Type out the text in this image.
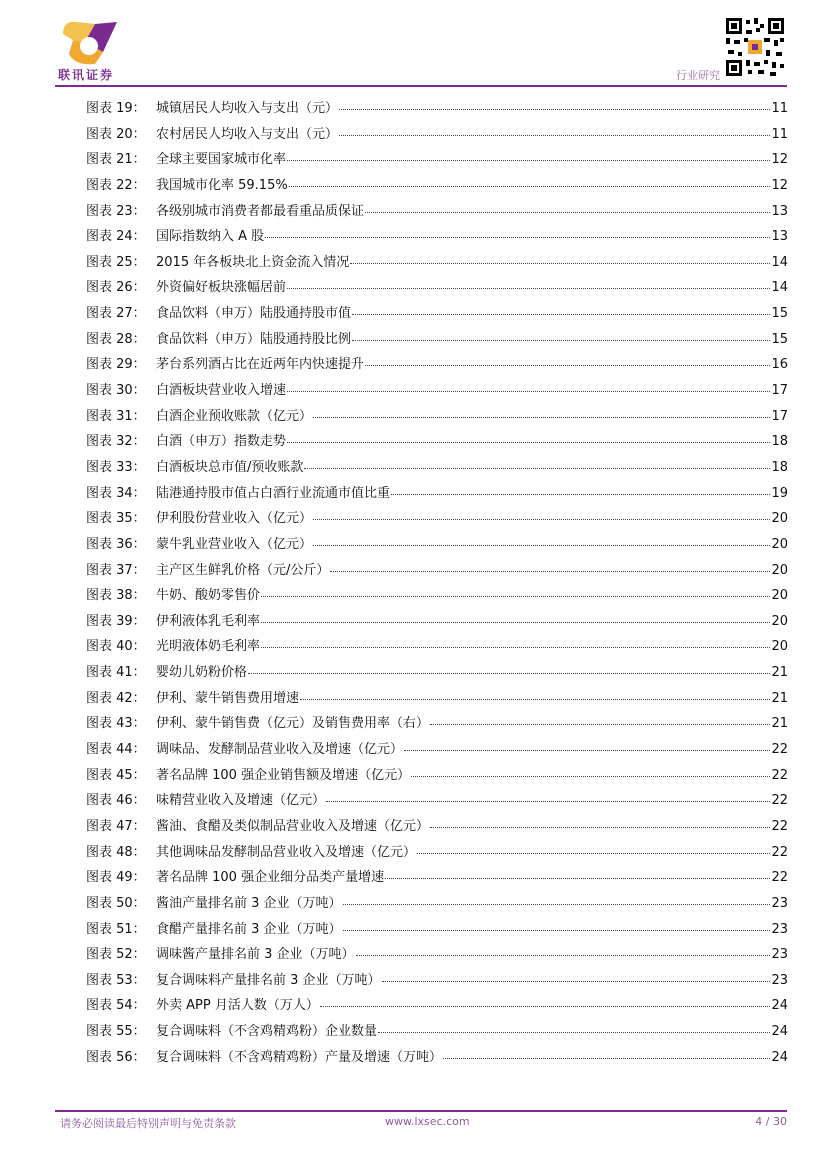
联讯证券	行业研究
图表 19： 城镇居民人均收入与支出（元）	11
图表 20： 农村居民人均收入与支出（元）	11
图表 21： 全球主要国家城市化率	12
图表 22： 我国城市化率 59.15%	12
图表 23： 各级别城市消费者都最看重品质保证	13
图表 24： 国际指数纳入 A 股	13
图表 25： 2015 年各板块北上资金流入情况	14
图表 26： 外资偏好板块涨幅居前	14
图表 27： 食品饮料（申万）陆股通持股市值	15
图表 28： 食品饮料（申万）陆股通持股比例	15
图表 29： 茅台系列酒占比在近两年内快速提升	16
图表 30： 白酒板块营业收入增速	17
图表 31： 白酒企业预收账款（亿元）	17
图表 32： 白酒（申万）指数走势	18
图表 33： 白酒板块总市值/预收账款	18
图表 34： 陆港通持股市值占白酒行业流通市值比重	19
图表 35： 伊利股份营业收入（亿元）	20
图表 36： 蒙牛乳业营业收入（亿元）	20
图表 37： 主产区生鲜乳价格（元/公斤）	20
图表 38： 牛奶、酸奶零售价	20
图表 39： 伊利液体乳毛利率	20
图表 40： 光明液体奶毛利率	20
图表 41： 婴幼儿奶粉价格	21
图表 42： 伊利、蒙牛销售费用增速	21
图表 43： 伊利、蒙牛销售费（亿元）及销售费用率（右）	21
图表 44： 调味品、发酵制品营业收入及增速（亿元）	22
图表 45： 著名品牌 100 强企业销售额及增速（亿元）	22
图表 46： 味精营业收入及增速（亿元）	22
图表 47： 酱油、食醋及类似制品营业收入及增速（亿元）	22
图表 48： 其他调味品发酵制品营业收入及增速（亿元）	22
图表 49： 著名品牌 100 强企业细分品类产量增速	22
图表 50： 酱油产量排名前 3 企业（万吨）	23
图表 51： 食醋产量排名前 3 企业（万吨）	23
图表 52： 调味酱产量排名前 3 企业（万吨）	23
图表 53： 复合调味料产量排名前 3 企业（万吨）	23
图表 54： 外卖 APP 月活人数（万人）	24
图表 55： 复合调味料（不含鸡精鸡粉）企业数量	24
图表 56： 复合调味料（不含鸡精鸡粉）产量及增速（万吨）	24
请务必阅读最后特别声明与免责条款	www.lxsec.com	4 / 30
